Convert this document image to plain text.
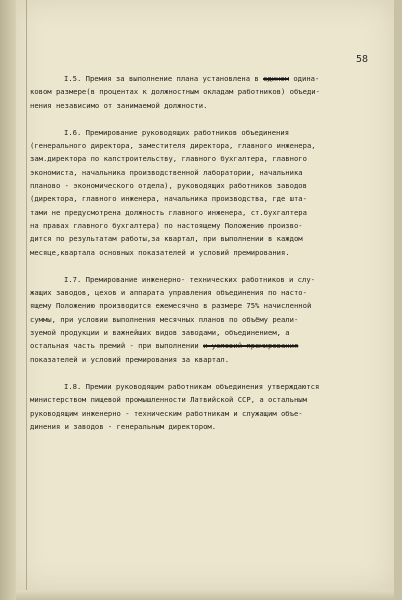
58
I.5. Премия за выполнение плана установлена в едином одина-
ковом размере(в процентах к должностным окладам работников) объеди-
нения независимо от занимаемой должности.
I.6. Премирование руководящих работников объединения
(генерального директора, заместителя директора, главного инженера,
зам.директора по капстроительству, главного бухгалтера, главного
экономиста, начальника производственной лаборатории, начальника
планово - экономического отдела), руководящих работников заводов
(директора, главного инженера, начальника производства, где шта-
тами не предусмотрена должность главного инженера, ст.бухгалтера
на правах главного бухгалтера) по настоящему Положению произво-
дится по результатам работы,за квартал, при выполнении в каждом
месяце,квартала основных показателей и условий премирования.
I.7. Премирование инженерно- технических работников и слу-
жащих заводов, цехов и аппарата управления объединения по насто-
ящему Положению производится ежемесячно в размере 75% начисленной
суммы, при условии выполнения месячных планов по объёму реали-
зуемой продукции и важнейших видов заводами, объединением, а
остальная часть премий - при выполнении и условий премирования
показателей и условий премирования за квартал.
I.8. Премии руководящим работникам объединения утверждаются
министерством пищевой промышленности Латвийской ССР, а остальным
руководящим инженерно - техническим работникам и служащим объе-
динения и заводов - генеральным директором.
